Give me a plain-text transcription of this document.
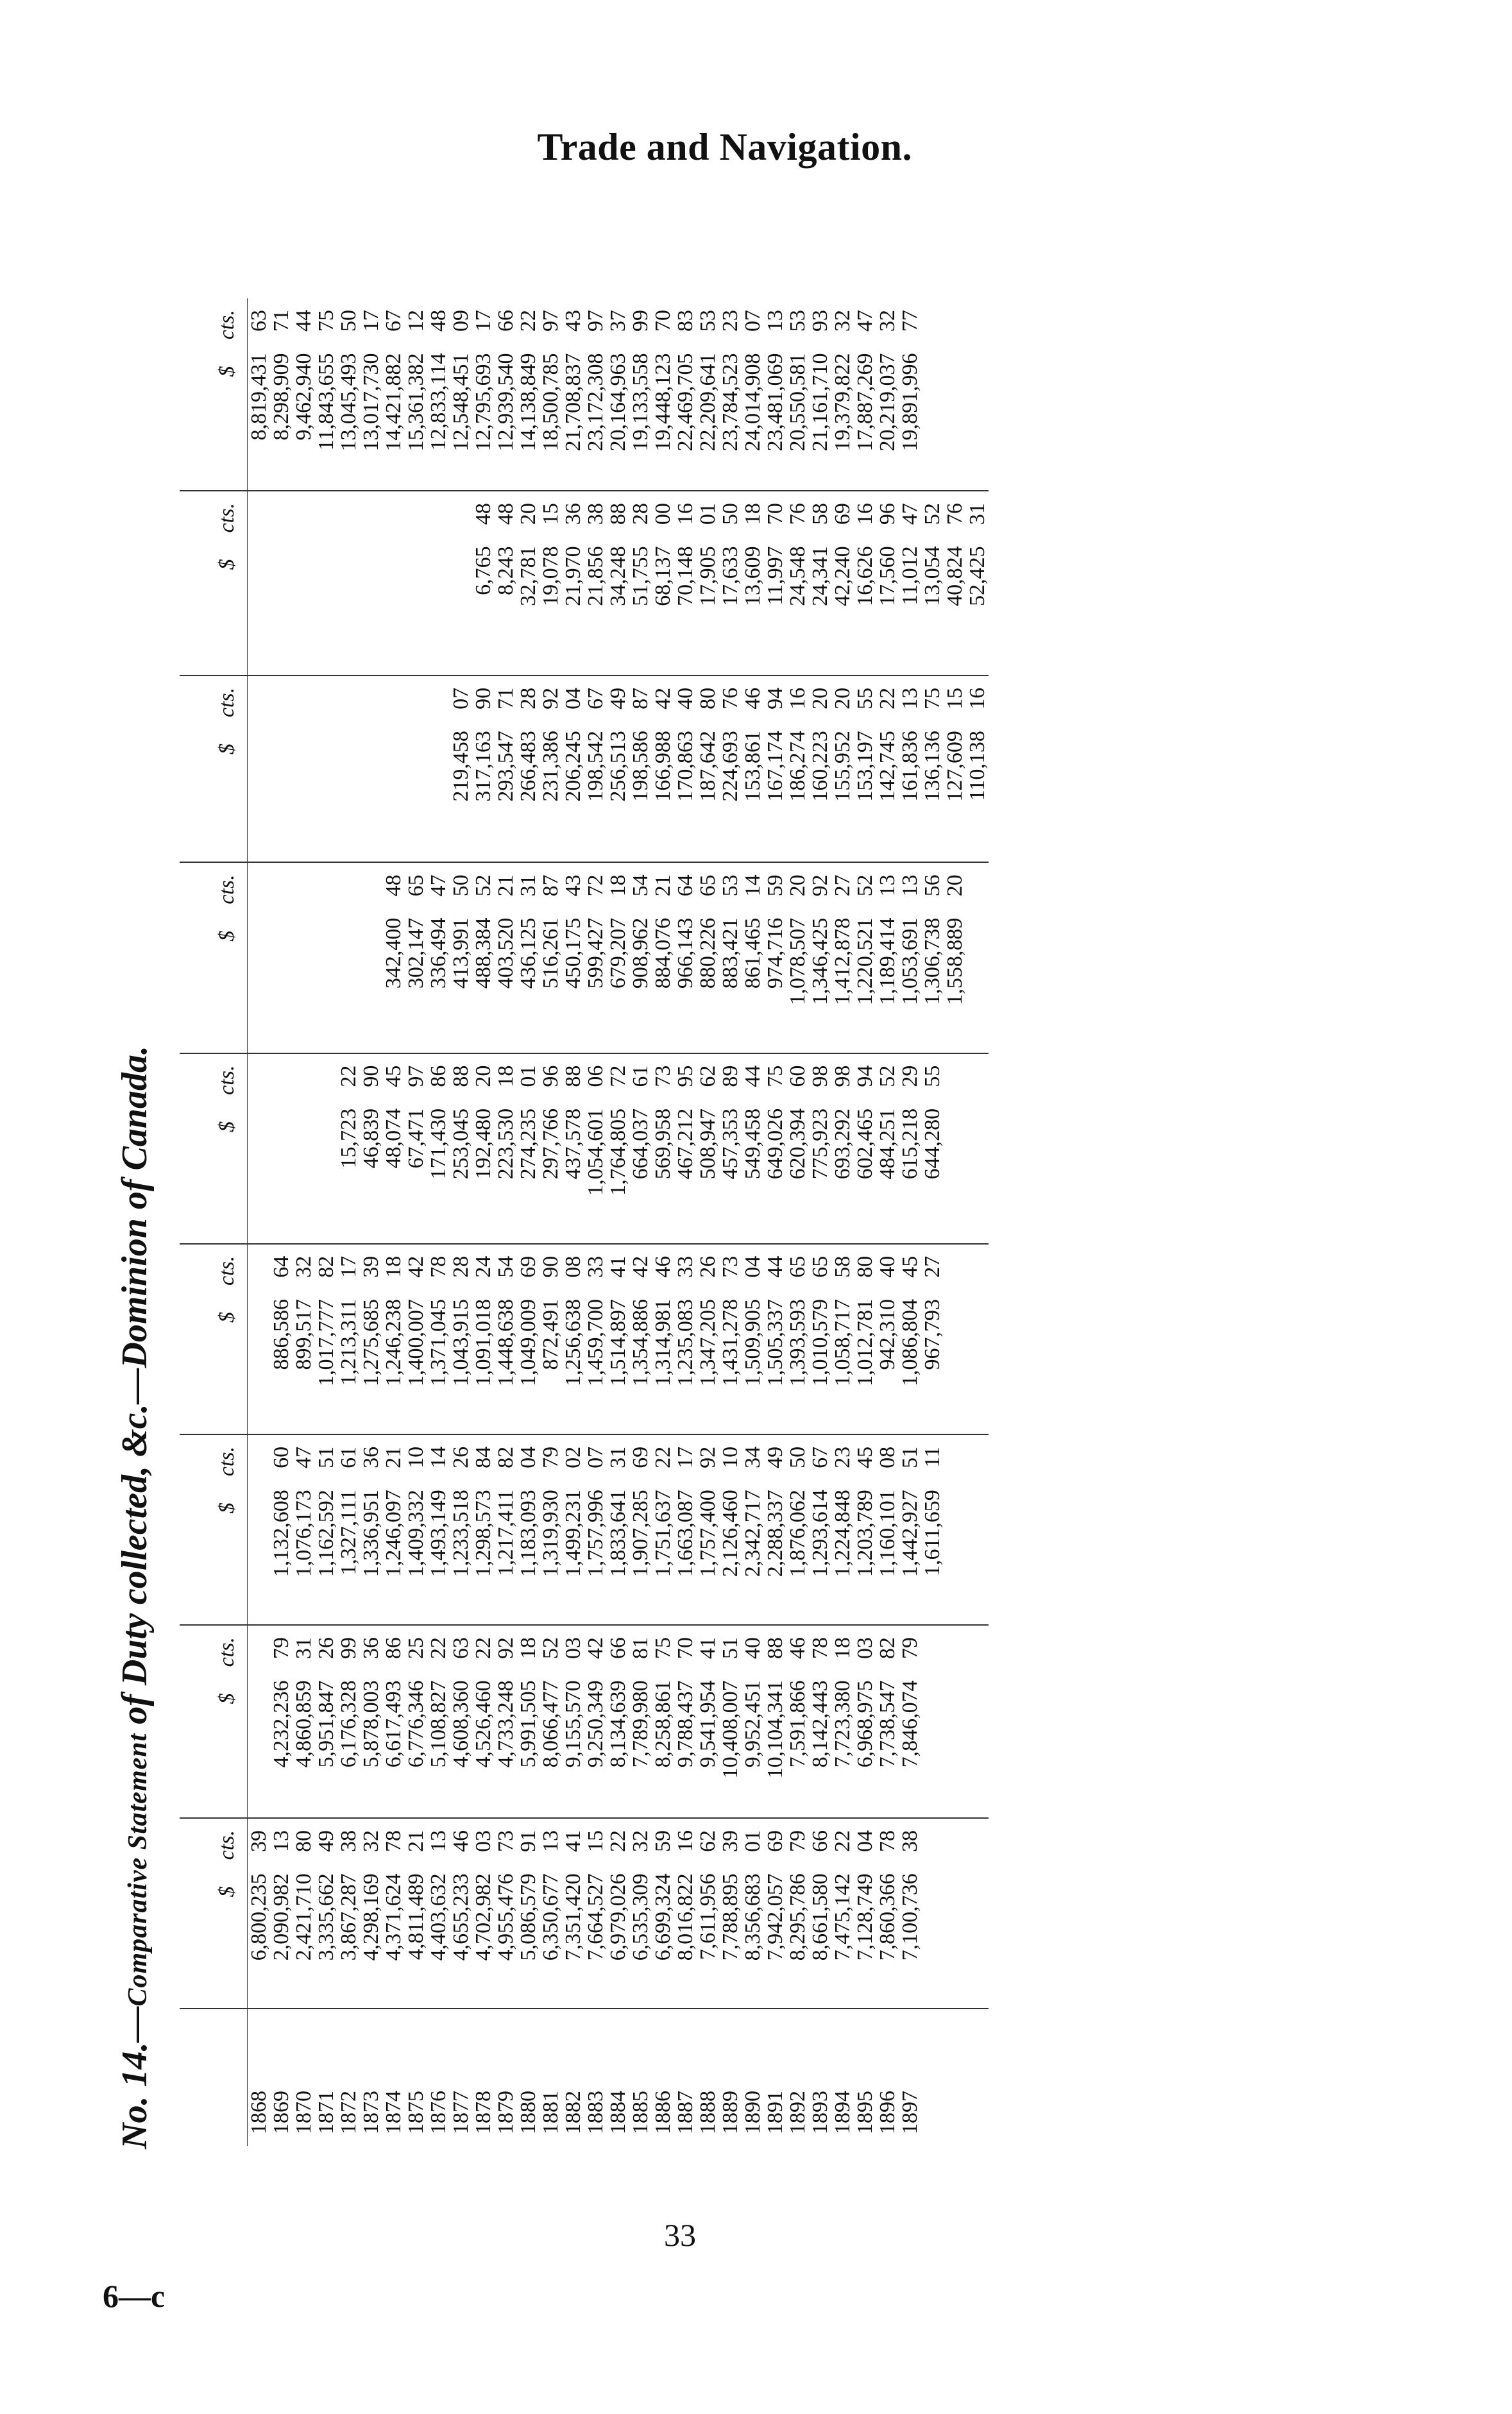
Trade and Navigation.
No. 14.—Comparative Statement of Duty collected, &c.—Dominion of Canada.
	$	cts.	$	cts.	$	cts.	$	cts.	$	cts.	$	cts.	$	cts.	$	cts.	$	cts.
1868	6,800,235	39															8,819,431	63
1869	2,090,982	13	4,232,236	79	1,132,608	60	886,586	64									8,298,909	71
1870	2,421,710	80	4,860,859	31	1,076,173	47	899,517	32									9,462,940	44
1871	3,335,662	49	5,951,847	26	1,162,592	51	1,017,777	82									11,843,655	75
1872	3,867,287	38	6,176,328	99	1,327,111	61	1,213,311	17	15,723	22							13,045,493	50
1873	4,298,169	32	5,878,003	36	1,336,951	36	1,275,685	39	46,839	90							13,017,730	17
1874	4,371,624	78	6,617,493	86	1,246,097	21	1,246,238	18	48,074	45	342,400	48					14,421,882	67
1875	4,811,489	21	6,776,346	25	1,409,332	10	1,400,007	42	67,471	97	302,147	65					15,361,382	12
1876	4,403,632	13	5,108,827	22	1,493,149	14	1,371,045	78	171,430	86	336,494	47					12,833,114	48
1877	4,655,233	46	4,608,360	63	1,233,518	26	1,043,915	28	253,045	88	413,991	50	219,458	07			12,548,451	09
1878	4,702,982	03	4,526,460	22	1,298,573	84	1,091,018	24	192,480	20	488,384	52	317,163	90	6,765	48	12,795,693	17
1879	4,955,476	73	4,733,248	92	1,217,411	82	1,448,638	54	223,530	18	403,520	21	293,547	71	8,243	48	12,939,540	66
1880	5,086,579	91	5,991,505	18	1,183,093	04	1,049,009	69	274,235	01	436,125	31	266,483	28	32,781	20	14,138,849	22
1881	6,350,677	13	8,066,477	52	1,319,930	79	872,491	90	297,766	96	516,261	87	231,386	92	19,078	15	18,500,785	97
1882	7,351,420	41	9,155,570	03	1,499,231	02	1,256,638	08	437,578	88	450,175	43	206,245	04	21,970	36	21,708,837	43
1883	7,664,527	15	9,250,349	42	1,757,996	07	1,459,700	33	1,054,601	06	599,427	72	198,542	67	21,856	38	23,172,308	97
1884	6,979,026	22	8,134,639	66	1,833,641	31	1,514,897	41	1,764,805	72	679,207	18	256,513	49	34,248	88	20,164,963	37
1885	6,535,309	32	7,789,980	81	1,907,285	69	1,354,886	42	664,037	61	908,962	54	198,586	87	51,755	28	19,133,558	99
1886	6,699,324	59	8,258,861	75	1,751,637	22	1,314,981	46	569,958	73	884,076	21	166,988	42	68,137	00	19,448,123	70
1887	8,016,822	16	9,788,437	70	1,663,087	17	1,235,083	33	467,212	95	966,143	64	170,863	40	70,148	16	22,469,705	83
1888	7,611,956	62	9,541,954	41	1,757,400	92	1,347,205	26	508,947	62	880,226	65	187,642	80	17,905	01	22,209,641	53
1889	7,788,895	39	10,408,007	51	2,126,460	10	1,431,278	73	457,353	89	883,421	53	224,693	76	17,633	50	23,784,523	23
1890	8,356,683	01	9,952,451	40	2,342,717	34	1,509,905	04	549,458	44	861,465	14	153,861	46	13,609	18	24,014,908	07
1891	7,942,057	69	10,104,341	88	2,288,337	49	1,505,337	44	649,026	75	974,716	59	167,174	94	11,997	70	23,481,069	13
1892	8,295,786	79	7,591,866	46	1,876,062	50	1,393,593	65	620,394	60	1,078,507	20	186,274	16	24,548	76	20,550,581	53
1893	8,661,580	66	8,142,443	78	1,293,614	67	1,010,579	65	775,923	98	1,346,425	92	160,223	20	24,341	58	21,161,710	93
1894	7,475,142	22	7,723,380	18	1,224,848	23	1,058,717	58	693,292	98	1,412,878	27	155,952	20	42,240	69	19,379,822	32
1895	7,128,749	04	6,968,975	03	1,203,789	45	1,012,781	80	602,465	94	1,220,521	52	153,197	55	16,626	16	17,887,269	47
1896	7,860,366	78	7,738,547	82	1,160,101	08	942,310	40	484,251	52	1,189,414	13	142,745	22	17,560	96	20,219,037	32
1897	7,100,736	38	7,846,074	79	1,442,927	51	1,086,804	45	615,218	29	1,053,691	13	161,836	13	11,012	47	19,891,996	77
					1,611,659	11	967,793	27	644,280	55	1,306,738	56	136,136	75	13,054	52		
											1,558,889	20	127,609	15	40,824	76		
													110,138	16	52,425	31		
33
6—c
